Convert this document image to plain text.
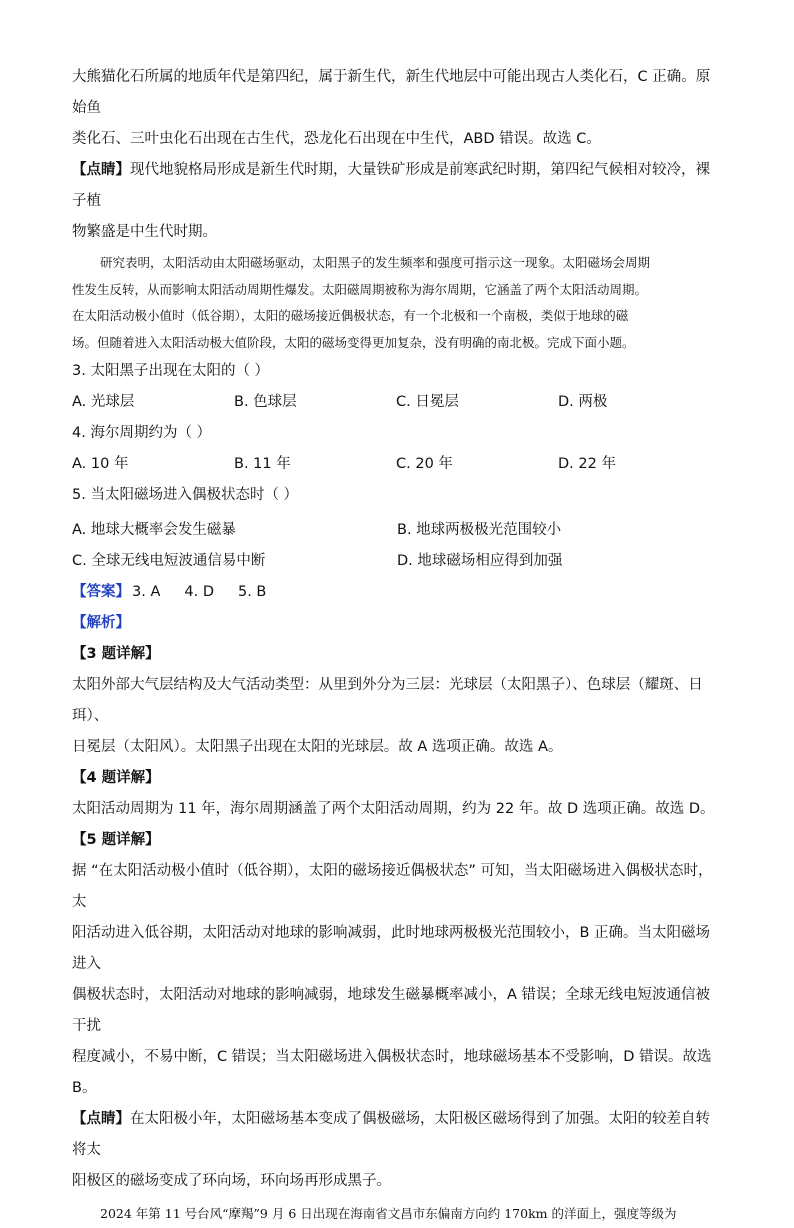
大熊猫化石所属的地质年代是第四纪，属于新生代，新生代地层中可能出现古人类化石，C 正确。原始鱼

类化石、三叶虫化石出现在古生代，恐龙化石出现在中生代，ABD 错误。故选 C。

【点睛】现代地貌格局形成是新生代时期，大量铁矿形成是前寒武纪时期，第四纪气候相对较冷，裸子植

物繁盛是中生代时期。

研究表明，太阳活动由太阳磁场驱动，太阳黑子的发生频率和强度可指示这一现象。太阳磁场会周期

性发生反转，从而影响太阳活动周期性爆发。太阳磁周期被称为海尔周期，它涵盖了两个太阳活动周期。

在太阳活动极小值时（低谷期），太阳的磁场接近偶极状态，有一个北极和一个南极，类似于地球的磁

场。但随着进入太阳活动极大值阶段，太阳的磁场变得更加复杂，没有明确的南北极。完成下面小题。

3. 太阳黑子出现在太阳的（ ）

A. 光球层	B. 色球层	C. 日冕层	D. 两极

4. 海尔周期约为（ ）

A. 10 年	B. 11 年	C. 20 年	D. 22 年

5. 当太阳磁场进入偶极状态时（ ）

A. 地球大概率会发生磁暴	B. 地球两极极光范围较小
C. 全球无线电短波通信易中断	D. 地球磁场相应得到加强
【答案】 3. A 4. D 5. B

【解析】

【3 题详解】

太阳外部大气层结构及大气活动类型：从里到外分为三层：光球层（太阳黑子）、色球层（耀斑、日珥）、

日冕层（太阳风）。太阳黑子出现在太阳的光球层。故 A 选项正确。故选 A。

【4 题详解】

太阳活动周期为 11 年，海尔周期涵盖了两个太阳活动周期，约为 22 年。故 D 选项正确。故选 D。

【5 题详解】

据 “在太阳活动极小值时（低谷期），太阳的磁场接近偶极状态” 可知，当太阳磁场进入偶极状态时，太

阳活动进入低谷期，太阳活动对地球的影响减弱，此时地球两极极光范围较小，B 正确。当太阳磁场进入

偶极状态时，太阳活动对地球的影响减弱，地球发生磁暴概率减小，A 错误；全球无线电短波通信被干扰

程度减小，不易中断，C 错误；当太阳磁场进入偶极状态时，地球磁场基本不受影响，D 错误。故选 B。

【点睛】在太阳极小年，太阳磁场基本变成了偶极磁场，太阳极区磁场得到了加强。太阳的较差自转将太

阳极区的磁场变成了环向场，环向场再形成黑子。

2024 年第 11 号台风“摩羯”9 月 6 日出现在海南省文昌市东偏南方向约 170km 的洋面上，强度等级为
